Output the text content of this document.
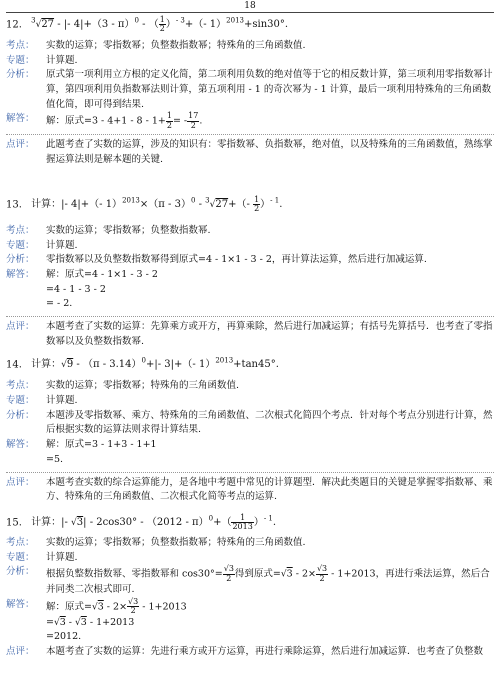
18
12. $^3$√27 - |- 4|+（3 - π）$^0$ - （ $\frac{1}{2} )^{- 3}+(-$ 1）$^{2013}$+sin30°.
考点：	实数的运算；零指数幂；负整数指数幂；特殊角的三角函数值.
专题：	计算题.
分析：	原式第一项利用立方根的定义化简，第二项利用负数的绝对值等于它的相反数计算，第三项利用零指数幂计算，第四项利用负指数幂法则计算，第五项利用 - 1 的奇次幂为 - 1 计算，最后一项利用特殊角的三角函数值化简，即可得到结果.
解答：	解：原式$=3 - 4+1 - 8 - 1+ \frac{1}{2}$ = - $\frac{17}{2}$ .
点评：	此题考查了实数的运算，涉及的知识有：零指数幂、负指数幂，绝对值，以及特殊角的三角函数值，熟练掌握运算法则是解本题的关键.
13. 计算：|- 4|+（- $1)^{2013}\times(\pi - 3)^0 - ^3√27+(- \frac{1}{2} )^{- 1}$.
考点：	实数的运算；零指数幂；负整数指数幂.
专题：	计算题.
分析：	零指数幂以及负整数指数幂得到原式=4 - 1×1 - 3 - 2，再计算法运算，然后进行加减运算.
解答：	解：原式=4 - 1×1 - 3 - 2

=4 - 1 - 3 - 2

= - 2.

点评：	本题考查了实数的运算：先算乘方或开方，再算乘除，然后进行加减运算；有括号先算括号．也考查了零指数幂以及负整数指数幂.
14. 计算：√9 - （π - 3.14）$^0$+|- 3|+（- 1）$^{2013}$+tan45°.
考点：	实数的运算；零指数幂；特殊角的三角函数值.
专题：	计算题.
分析：	本题涉及零指数幂、乘方、特殊角的三角函数值、二次根式化简四个考点．针对每个考点分别进行计算，然后根据实数的运算法则求得计算结果.
解答：	解：原式=3 - 1+3 - 1+1

=5.

点评：	本题考查实数的综合运算能力，是各地中考题中常见的计算题型．解决此类题目的关键是掌握零指数幂、乘方、特殊角的三角函数值、二次根式化简等考点的运算.
15. 计算：|- $√3| - 2\cos 30^\circ - (2012 - \pi)^0+( \frac{1}{2013} )^{- 1}$.
考点：	实数的运算；零指数幂；负整数指数幂；特殊角的三角函数值.
专题：	计算题.
分析：	根据负整数指数幂、零指数幂和 $\cos 30^\circ= \frac{√3}{2}$ 得到原式$=√3 - 2\times \frac{√3}{2} - 1+2013$，再进行乘法运算，然后合并同类二次根式即可.
解答：	解：原式$=√3 - 2\times \frac{√3}{2} - 1+2013$

=√3 - √3 - 1+2013

=2012.

点评：	本题考查了实数的运算：先进行乘方或开方运算，再进行乘除运算，然后进行加减运算．也考查了负整数
